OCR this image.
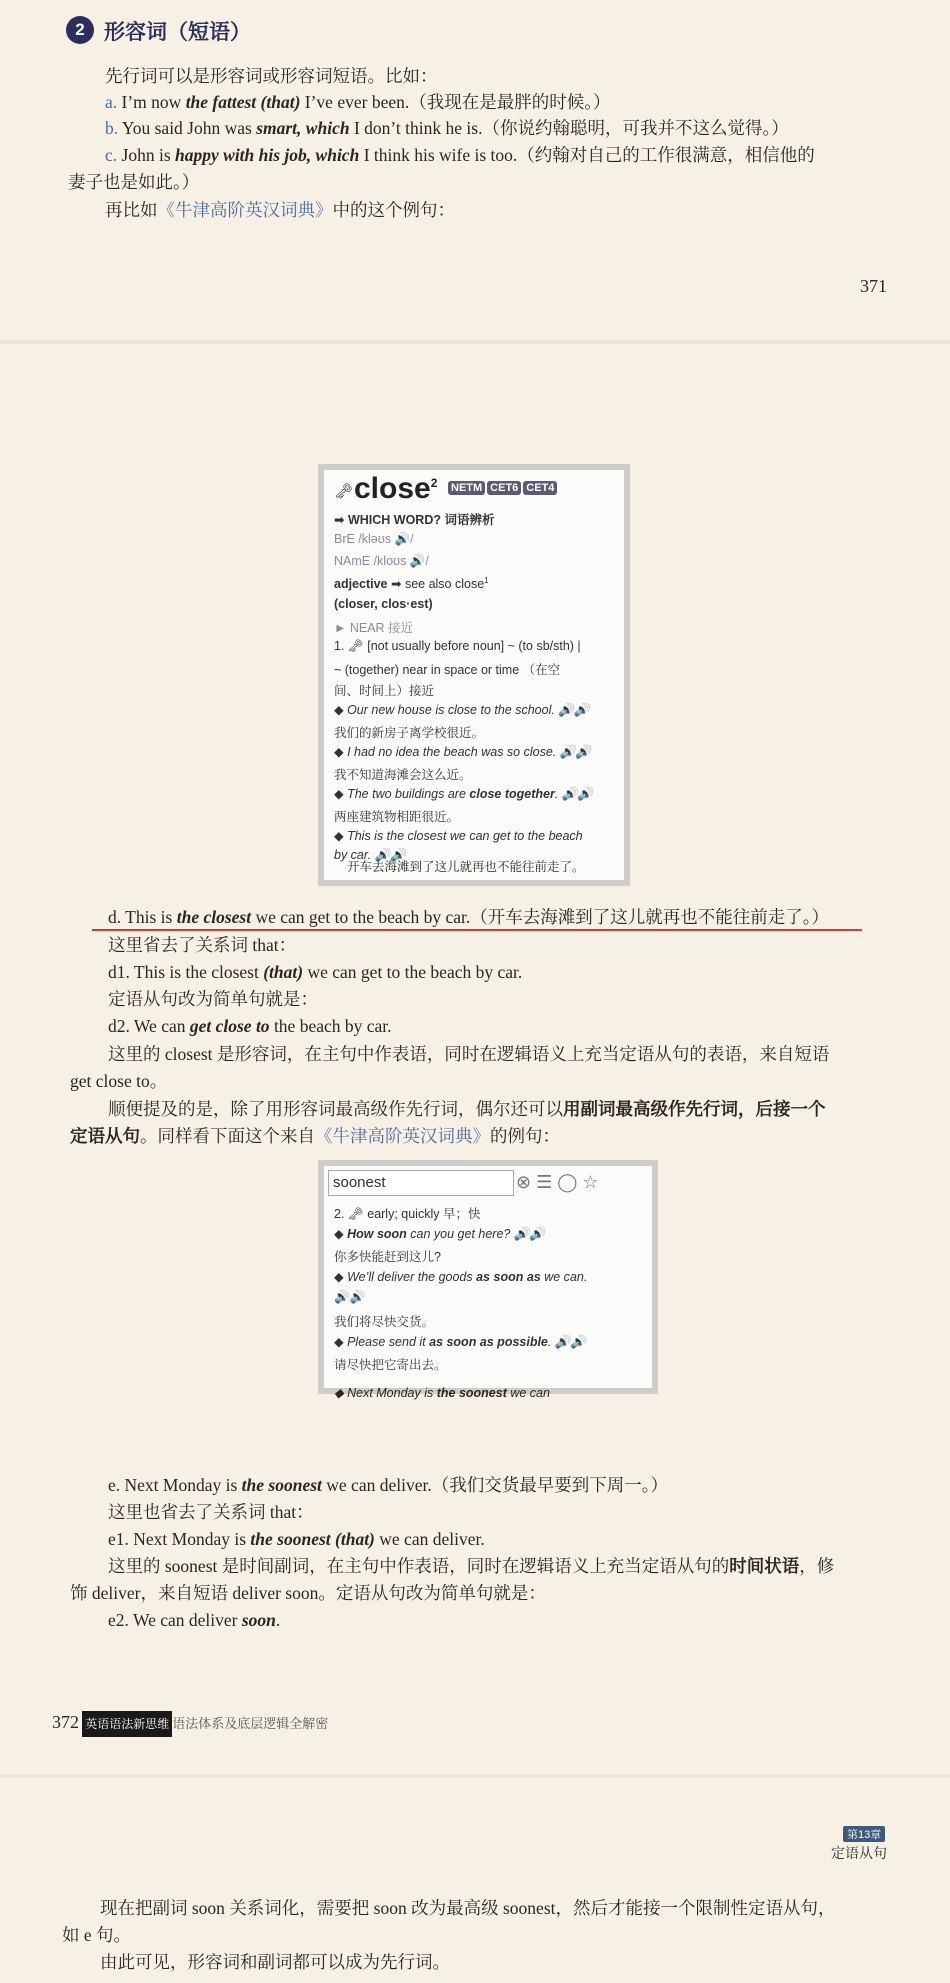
2 形容词（短语）
先行词可以是形容词或形容词短语。比如：
a. I’m now the fattest (that) I’ve ever been.（我现在是最胖的时候。）
b. You said John was smart, which I don’t think he is.（你说约翰聪明，可我并不这么觉得。）
c. John is happy with his job, which I think his wife is too.（约翰对自己的工作很满意，相信他的
妻子也是如此。）
再比如《牛津高阶英汉词典》中的这个例句：
371
🗝 close$^2$	NETM CET6 CET4
➡ WHICH WORD? 词语辨析
BrE /kləʊs 🔊/
NAmE /kloʊs 🔊/
adjective ➡ see also close$^1$
(closer, clos·est)
► NEAR 接近
1. 🗝 [not usually before noun] ~ (to sb/sth) |
~ (together) near in space or time （在空
间、时间上）接近
◆ Our new house is close to the school. 🔊🔊
我们的新房子离学校很近。
◆ I had no idea the beach was so close. 🔊🔊
我不知道海滩会这么近。
◆ The two buildings are close together. 🔊🔊
两座建筑物相距很近。
◆ This is the closest we can get to the beach
by car. 🔊🔊
开车去海滩到了这儿就再也不能往前走了。
d. This is the closest we can get to the beach by car.（开车去海滩到了这儿就再也不能往前走了。）
这里省去了关系词 that：
d1. This is the closest (that) we can get to the beach by car.
定语从句改为简单句就是：
d2. We can get close to the beach by car.
这里的 closest 是形容词，在主句中作表语，同时在逻辑语义上充当定语从句的表语，来自短语
get close to。
顺便提及的是，除了用形容词最高级作先行词，偶尔还可以用副词最高级作先行词，后接一个
定语从句。同样看下面这个来自《牛津高阶英汉词典》的例句：
soonest	⊗ ☰ ◯ ☆
2. 🗝 early; quickly 早；快
◆ How soon can you get here? 🔊🔊
你多快能赶到这儿?
◆ We’ll deliver the goods as soon as we can.
🔊🔊
我们将尽快交货。
◆ Please send it as soon as possible. 🔊🔊
请尽快把它寄出去。
◆ Next Monday is the soonest we can
e. Next Monday is the soonest we can deliver.（我们交货最早要到下周一。）
这里也省去了关系词 that：
e1. Next Monday is the soonest (that) we can deliver.
这里的 soonest 是时间副词，在主句中作表语，同时在逻辑语义上充当定语从句的时间状语，修
饰 deliver，来自短语 deliver soon。定语从句改为简单句就是：
e2. We can deliver soon.
372 英语语法新思维 语法体系及底层逻辑全解密
第13章
定语从句
现在把副词 soon 关系词化，需要把 soon 改为最高级 soonest，然后才能接一个限制性定语从句，
如 e 句。
由此可见，形容词和副词都可以成为先行词。
